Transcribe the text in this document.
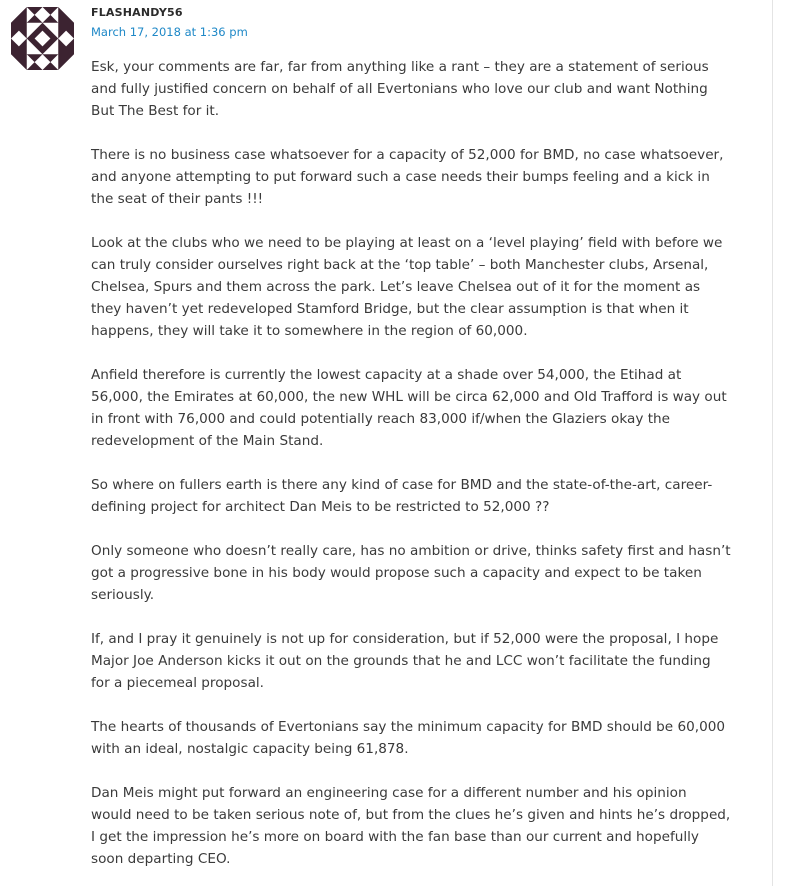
FLASHANDY56
March 17, 2018 at 1:36 pm

Esk, your comments are far, far from anything like a rant – they are a statement of serious and fully justified concern on behalf of all Evertonians who love our club and want Nothing But The Best for it.

There is no business case whatsoever for a capacity of 52,000 for BMD, no case whatsoever, and anyone attempting to put forward such a case needs their bumps feeling and a kick in the seat of their pants !!!

Look at the clubs who we need to be playing at least on a ‘level playing’ field with before we can truly consider ourselves right back at the ‘top table’ – both Manchester clubs, Arsenal, Chelsea, Spurs and them across the park. Let’s leave Chelsea out of it for the moment as they haven’t yet redeveloped Stamford Bridge, but the clear assumption is that when it happens, they will take it to somewhere in the region of 60,000.

Anfield therefore is currently the lowest capacity at a shade over 54,000, the Etihad at 56,000, the Emirates at 60,000, the new WHL will be circa 62,000 and Old Trafford is way out in front with 76,000 and could potentially reach 83,000 if/when the Glaziers okay the redevelopment of the Main Stand.

So where on fullers earth is there any kind of case for BMD and the state-of-the-art, career-defining project for architect Dan Meis to be restricted to 52,000 ??

Only someone who doesn’t really care, has no ambition or drive, thinks safety first and hasn’t got a progressive bone in his body would propose such a capacity and expect to be taken seriously.

If, and I pray it genuinely is not up for consideration, but if 52,000 were the proposal, I hope Major Joe Anderson kicks it out on the grounds that he and LCC won’t facilitate the funding for a piecemeal proposal.

The hearts of thousands of Evertonians say the minimum capacity for BMD should be 60,000 with an ideal, nostalgic capacity being 61,878.

Dan Meis might put forward an engineering case for a different number and his opinion would need to be taken serious note of, but from the clues he’s given and hints he’s dropped, I get the impression he’s more on board with the fan base than our current and hopefully soon departing CEO.
